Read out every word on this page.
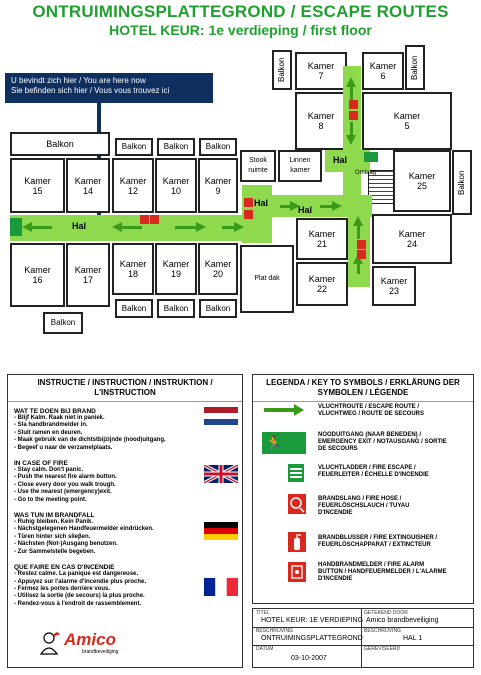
ONTRUIMINGSPLATTEGROND / ESCAPE ROUTES
HOTEL KEUR: 1e verdieping / first floor
U bevindt zich hier / You are here now
Sie befinden sich hier / Vous vous trouvez ici
Kamer
7
Kamer
6
Balkon	Balkon
Kamer
8
Kamer
5
Balkon	Balkon Balkon Balkon
Kamer
15
Kamer
14
Kamer
12
Kamer
10
Kamer
9
Stook
ruimte
Linnen
kamer
Kamer
25	Balkon
Hal
Hal
Hal
Hal
Omlaag
Kamer
21
Kamer
24
Kamer
22
Kamer
23
Kamer
16
Kamer
17
Kamer
18
Kamer
19
Kamer
20	Plat dak
Balkon
Balkon Balkon Balkon
INSTRUCTIE / INSTRUCTION / INSTRUKTION /
L'INSTRUCTION
WAT TE DOEN BIJ BRAND
- Blijf Kalm. Raak niet in paniek.
- Sla handbrandmelder in.
- Sluit ramen en deuren.
- Maak gebruik van de dichtstbijzijnde (nood)uitgang.
- Begeef u naar de verzamelplaats.
IN CASE OF FIRE
- Stay calm. Don't panic.
- Push the nearest fire alarm button.
- Close every door you walk trough.
- Use the nearest (emergency)exit.
- Go to the meeting point.
WAS TUN IM BRANDFALL
- Ruhig bleiben. Kein Panik.
- Nächstgelegenen Handfeuermelder eindrücken.
- Türen hinter sich slieβen.
- Nächsten (Not-)Ausgang benutzen.
- Zur Sammelstelle begeben.
QUE FAIRE EN CAS D'INCENDIE
- Restez calme. La panique est dangereuse.
- Appuyez sur l'alarme d'incendie plus proche.
- Fermez les portes derrière vous.
- Utilisez la sortie (de secours) la plus proche.
- Rendez-vous à l'endroit de rassemblement.
Amico
brandbeveiliging
LEGENDA / KEY TO SYMBOLS / ERKLÄRUNG DER
SYMBOLEN / LÉGENDE
VLUCHTROUTE / ESCAPE ROUTE /
VLUCHTWEG / ROUTE DE SECOURS
🏃	NOODUITGANG (NAAR BENEDEN) /
EMERGENCY EXIT / NOTAUSGANG / SORTIE
DE SECOURS
VLUCHTLADDER / FIRE ESCAPE /
FEUERLEITER / ÉCHELLE D'INCENDIE
BRANDSLANG / FIRE HOSE /
FEUERLÖSCHSLAUCH / TUYAU
D'INCENDIE
BRANDBLUSSER / FIRE EXTINGUISHER /
FEUERLÖSCHAPPARAT / EXTINCTEUR
HANDBRANDMELDER / FIRE ALARM
BUTTON / HANDFEUERMELDER / L'ALARME
D'INCENDIE
TITEL
HOTEL KEUR: 1E VERDIEPING
GETEKEND DOOR
Amico brandbeveiliging
BESCHRIJVING
ONTRUIMINGSPLATTEGROND
BESCHRIJVING
HAL 1
DATUM
03-10-2007
GEREVISEERD
